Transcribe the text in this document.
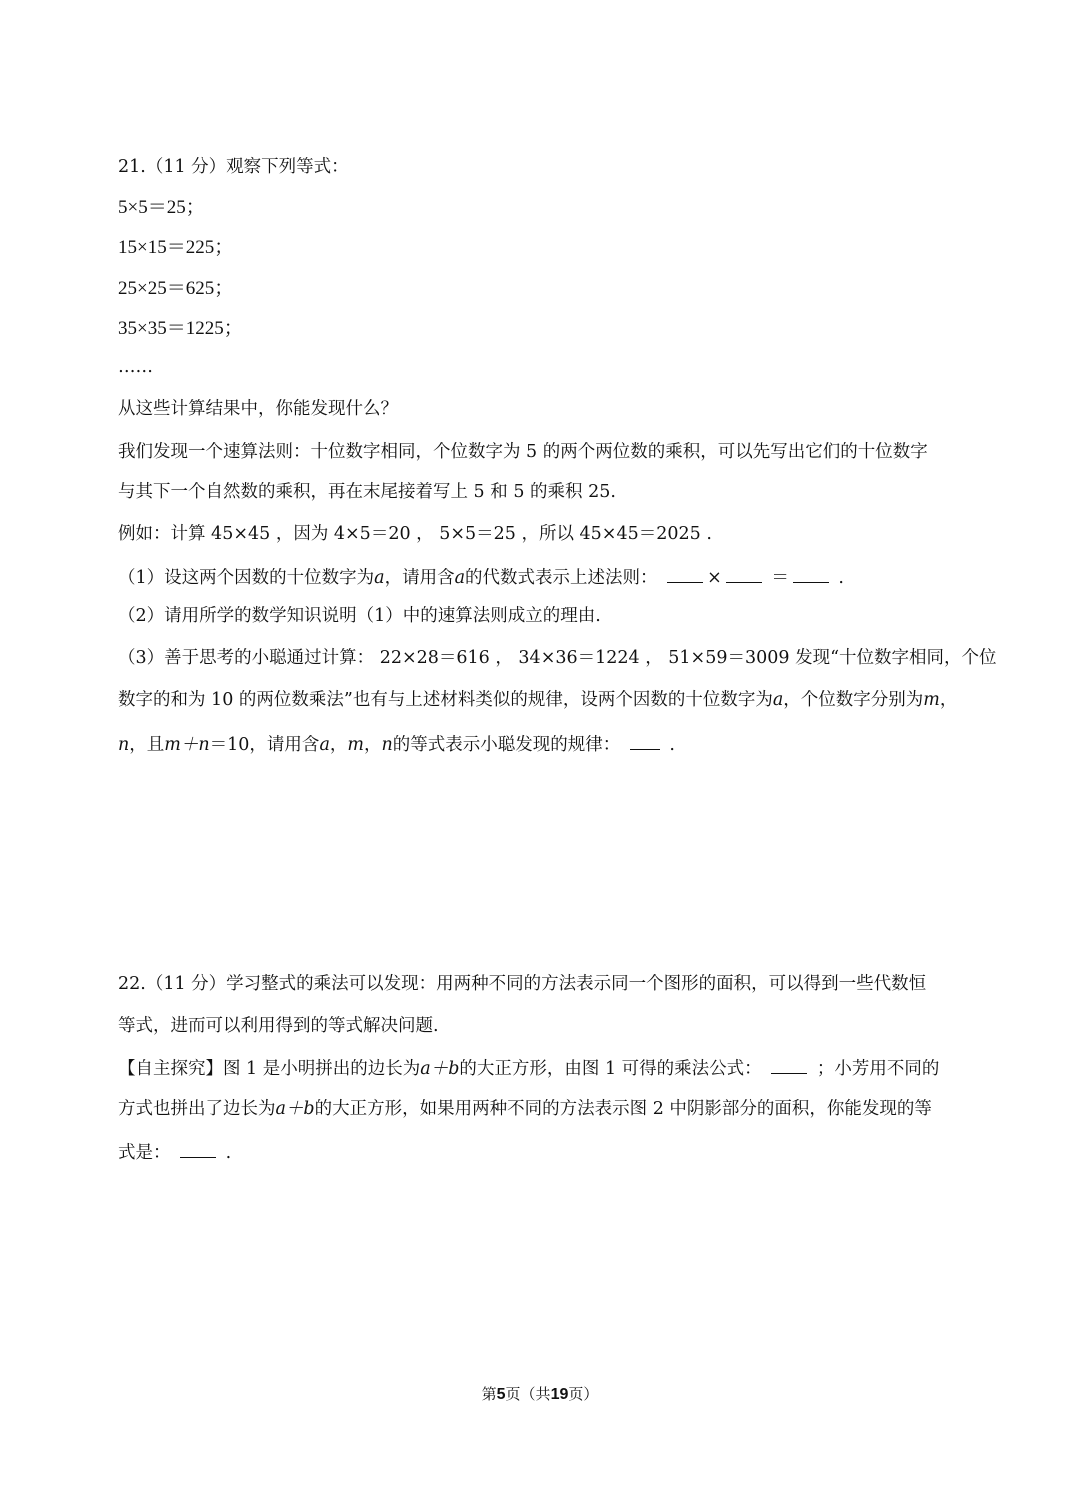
21.（11 分）观察下列等式：
5×5＝25；
15×15＝225；
25×25＝625；
35×35＝1225；
……
从这些计算结果中，你能发现什么？
我们发现一个速算法则：十位数字相同，个位数字为 5 的两个两位数的乘积，可以先写出它们的十位数字
与其下一个自然数的乘积，再在末尾接着写上 5 和 5 的乘积 25.
例如：计算 45×45 ，因为 4×5＝20 ， 5×5＝25 ，所以 45×45＝2025 .
（1）设这两个因数的十位数字为a，请用含a的代数式表示上述法则：	×	＝	.
（2）请用所学的数学知识说明（1）中的速算法则成立的理由.
（3）善于思考的小聪通过计算： 22×28＝616 ， 34×36＝1224 ， 51×59＝3009 发现“十位数字相同，个位
数字的和为 10 的两位数乘法”也有与上述材料类似的规律，设两个因数的十位数字为a，个位数字分别为m，
n，且m＋n＝10，请用含a，m，n的等式表示小聪发现的规律：	.
22.（11 分）学习整式的乘法可以发现：用两种不同的方法表示同一个图形的面积，可以得到一些代数恒
等式，进而可以利用得到的等式解决问题.
【自主探究】图 1 是小明拼出的边长为a＋b的大正方形，由图 1 可得的乘法公式：	；小芳用不同的
方式也拼出了边长为a＋b的大正方形，如果用两种不同的方法表示图 2 中阴影部分的面积，你能发现的等
式是：	.
第5页（共19页）
